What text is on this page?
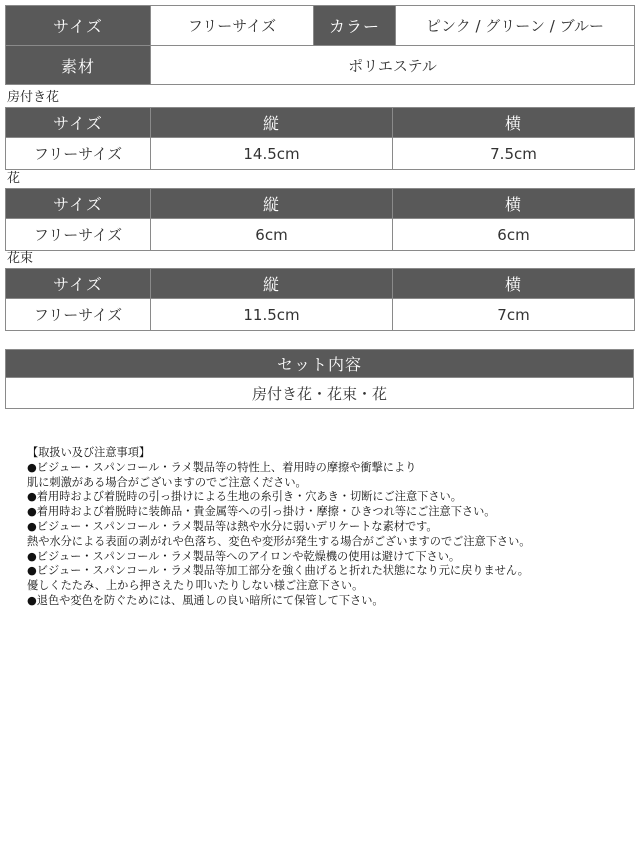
サイズ	フリーサイズ	カラー	ピンク / グリーン / ブルー
素材	ポリエステル		
房付き花
サイズ	縦	横
フリーサイズ	14.5cm	7.5cm
花
サイズ	縦	横
フリーサイズ	6cm	6cm
花束
サイズ	縦	横
フリーサイズ	11.5cm	7cm
セット内容
房付き花・花束・花
【取扱い及び注意事項】
●ビジュー・スパンコール・ラメ製品等の特性上、着用時の摩擦や衝撃により
肌に刺激がある場合がございますのでご注意ください。
●着用時および着脱時の引っ掛けによる生地の糸引き・穴あき・切断にご注意下さい。
●着用時および着脱時に装飾品・貴金属等への引っ掛け・摩擦・ひきつれ等にご注意下さい。
●ビジュー・スパンコール・ラメ製品等は熱や水分に弱いデリケートな素材です。
熱や水分による表面の剥がれや色落ち、変色や変形が発生する場合がございますのでご注意下さい。
●ビジュー・スパンコール・ラメ製品等へのアイロンや乾燥機の使用は避けて下さい。
●ビジュー・スパンコール・ラメ製品等加工部分を強く曲げると折れた状態になり元に戻りません。
優しくたたみ、上から押さえたり叩いたりしない様ご注意下さい。
●退色や変色を防ぐためには、風通しの良い暗所にて保管して下さい。
